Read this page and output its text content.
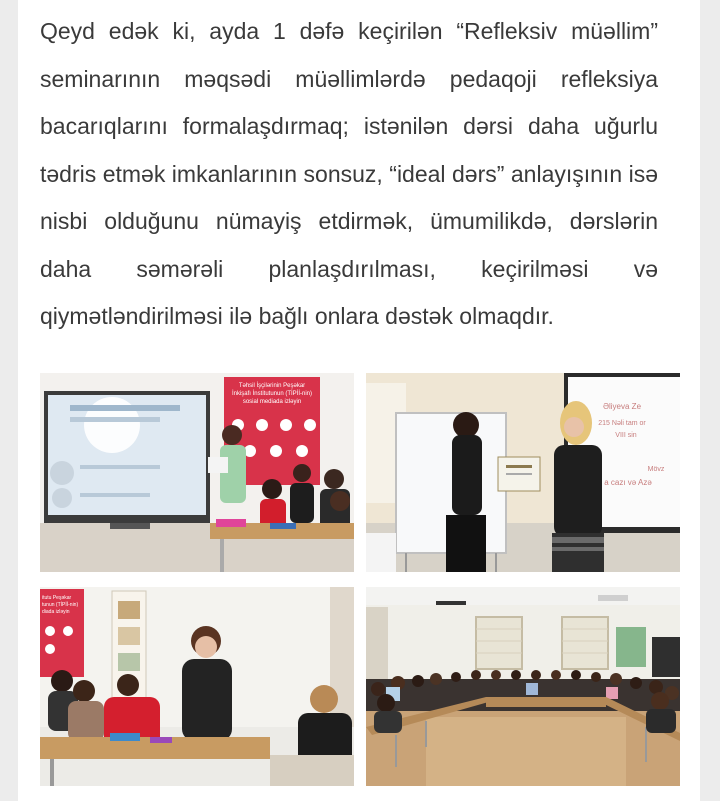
Qeyd edək ki, ayda 1 dəfə keçirilən “Refleksiv müəllim” seminarının məqsədi müəllimlərdə pedaqoji refleksiya bacarıqlarını formalaşdırmaq; istənilən dərsi daha uğurlu tədris etmək imkanlarının sonsuz, “ideal dərs” anlayışının isə nisbi olduğunu nümayiş etdirmək, ümumilikdə, dərslərin daha səmərəli planlaşdırılması, keçirilməsi və qiymətləndirilməsi ilə bağlı onlara dəstək olmaqdır.

Təhsil İşçilərinin Peşəkar
İnkişafı İnstitutunun (TİPİİ-nin)
sosial mediada izləyin	Əliyeva Ze
215 Nəli tam or
VIII sin
Mövz
a cazı və Azə
itutu Peşəkar
tunun (TİPİİ-nin)
diada izləyin
